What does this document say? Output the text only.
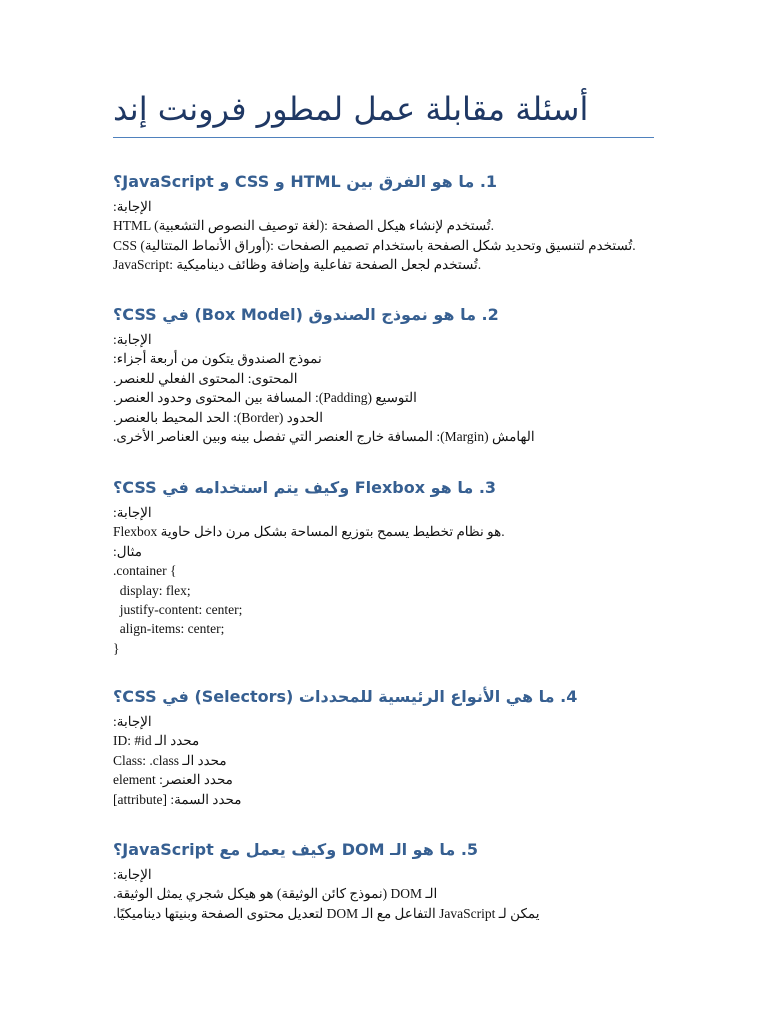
أسئلة مقابلة عمل لمطور فرونت إند
1. ما هو الفرق بين HTML و CSS و JavaScript؟
الإجابة:
HTML (لغة توصيف النصوص التشعبية): تُستخدم لإنشاء هيكل الصفحة.
CSS (أوراق الأنماط المتتالية): تُستخدم لتنسيق وتحديد شكل الصفحة باستخدام تصميم الصفحات.
JavaScript: تُستخدم لجعل الصفحة تفاعلية وإضافة وظائف ديناميكية.
2. ما هو نموذج الصندوق (Box Model) في CSS؟
الإجابة:
نموذج الصندوق يتكون من أربعة أجزاء:
المحتوى: المحتوى الفعلي للعنصر.
التوسيع (Padding): المسافة بين المحتوى وحدود العنصر.
الحدود (Border): الحد المحيط بالعنصر.
الهامش (Margin): المسافة خارج العنصر التي تفصل بينه وبين العناصر الأخرى.
3. ما هو Flexbox وكيف يتم استخدامه في CSS؟
الإجابة:
Flexbox هو نظام تخطيط يسمح بتوزيع المساحة بشكل مرن داخل حاوية.
مثال:
.container {
display: flex;
justify-content: center;
align-items: center;
}
4. ما هي الأنواع الرئيسية للمحددات (Selectors) في CSS؟
الإجابة:
محدد الـ ID: #id
محدد الـ Class: .class
محدد العنصر: element
محدد السمة: [attribute]
5. ما هو الـ DOM وكيف يعمل مع JavaScript؟
الإجابة:
الـ DOM (نموذج كائن الوثيقة) هو هيكل شجري يمثل الوثيقة.
يمكن لـ JavaScript التفاعل مع الـ DOM لتعديل محتوى الصفحة وبنيتها ديناميكيًا.
